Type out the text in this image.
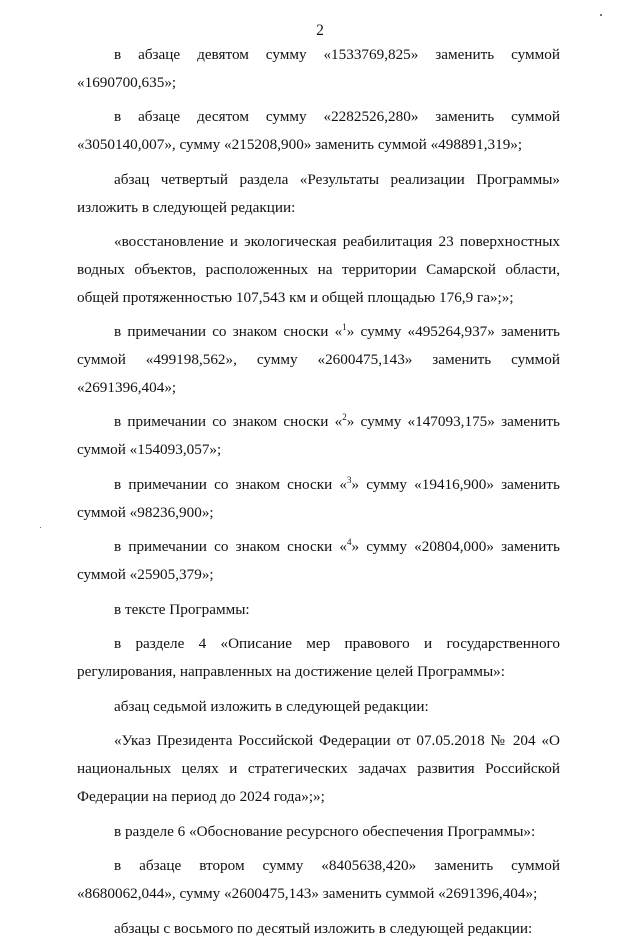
2

в абзаце девятом сумму «1533769,825» заменить суммой «1690700,635»;

в абзаце десятом сумму «2282526,280» заменить суммой «3050140,007», сумму «215208,900» заменить суммой «498891,319»;

абзац четвертый раздела «Результаты реализации Программы» изложить в следующей редакции:

«восстановление и экологическая реабилитация 23 поверхностных водных объектов, расположенных на территории Самарской области, общей протяженностью 107,543 км и общей площадью 176,9 га»;»;

в примечании со знаком сноски «$^1$» сумму «495264,937» заменить суммой «499198,562», сумму «2600475,143» заменить суммой «2691396,404»;

в примечании со знаком сноски «$^2$» сумму «147093,175» заменить суммой «154093,057»;

в примечании со знаком сноски «$^3$» сумму «19416,900» заменить суммой «98236,900»;

в примечании со знаком сноски «$^4$» сумму «20804,000» заменить суммой «25905,379»;

в тексте Программы:

в разделе 4 «Описание мер правового и государственного регулирования, направленных на достижение целей Программы»:

абзац седьмой изложить в следующей редакции:

«Указ Президента Российской Федерации от 07.05.2018 № 204 «О национальных целях и стратегических задачах развития Российской Федерации на период до 2024 года»;»;

в разделе 6 «Обоснование ресурсного обеспечения Программы»:

в абзаце втором сумму «8405638,420» заменить суммой «8680062,044», сумму «2600475,143» заменить суммой «2691396,404»;

абзацы с восьмого по десятый изложить в следующей редакции:
